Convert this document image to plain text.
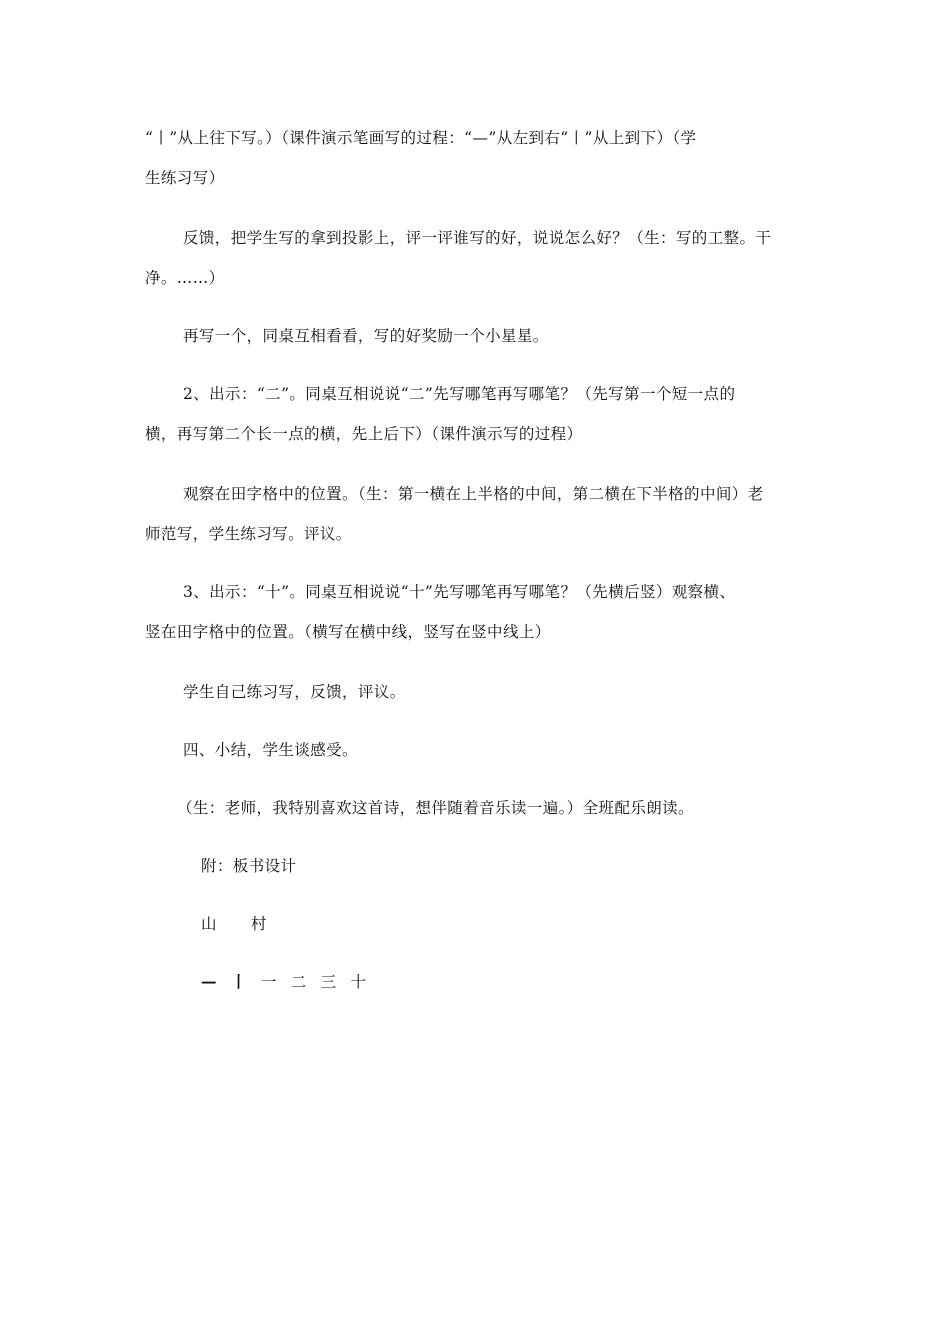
“丨”从上往下写。）（课件演示笔画写的过程：“—”从左到右“丨”从上到下）（学
生练习写）
反馈，把学生写的拿到投影上，评一评谁写的好，说说怎么好？（生：写的工整。干
净。……）
再写一个，同桌互相看看，写的好奖励一个小星星。
2、出示：“二”。同桌互相说说“二”先写哪笔再写哪笔？（先写第一个短一点的
横，再写第二个长一点的横，先上后下）（课件演示写的过程）
观察在田字格中的位置。（生：第一横在上半格的中间，第二横在下半格的中间）老
师范写，学生练习写。评议。
3、出示：“十”。同桌互相说说“十”先写哪笔再写哪笔？（先横后竖）观察横、
竖在田字格中的位置。（横写在横中线，竖写在竖中线上）
学生自己练习写，反馈，评议。
四、小结，学生谈感受。
（生：老师，我特别喜欢这首诗，想伴随着音乐读一遍。）全班配乐朗读。
附：板书设计
山 村
— 丨 一 二 三 十
